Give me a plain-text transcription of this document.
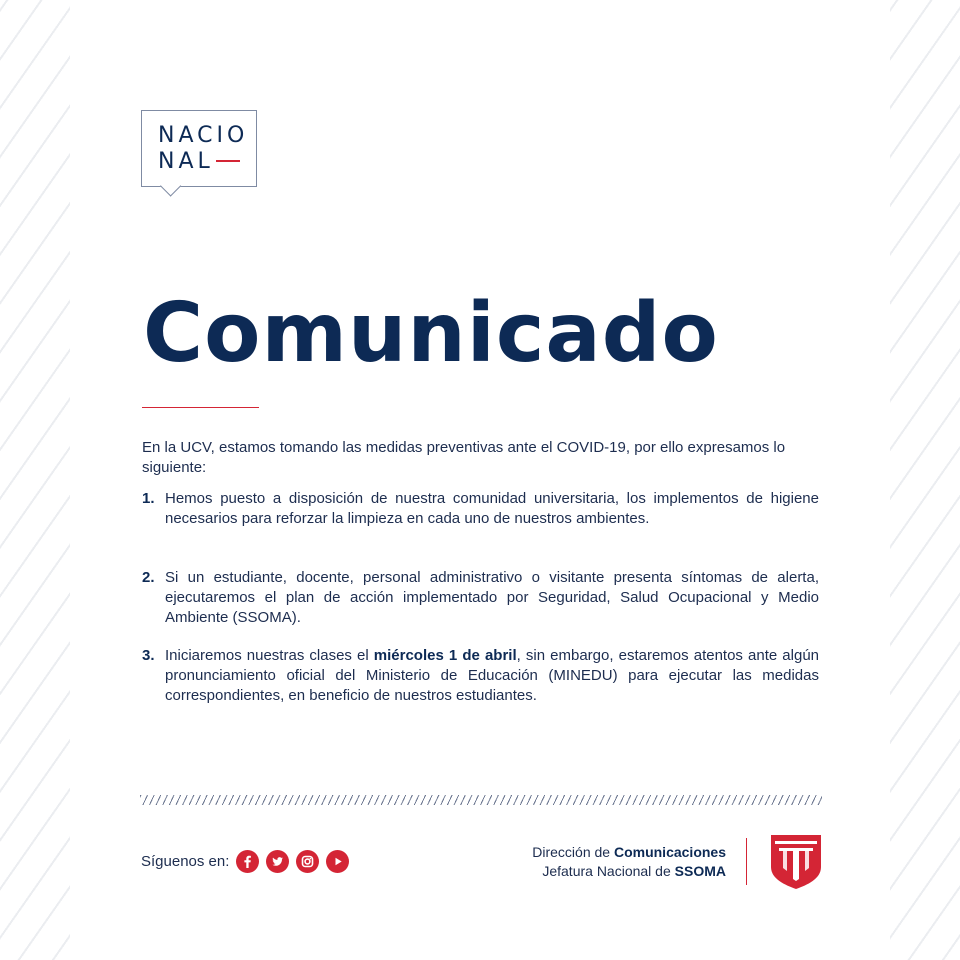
NACIO
NAL
Comunicado

En la UCV, estamos tomando las medidas preventivas ante el COVID-19, por ello expresamos lo siguiente:

1. Hemos puesto a disposición de nuestra comunidad universitaria, los implementos de higiene necesarios para reforzar la limpieza en cada uno de nuestros ambientes.
2. Si un estudiante, docente, personal administrativo o visitante presenta síntomas de alerta, ejecutaremos el plan de acción implementado por Seguridad, Salud Ocupacional y Medio Ambiente (SSOMA).
3. Iniciaremos nuestras clases el miércoles 1 de abril, sin embargo, estaremos atentos ante algún pronunciamiento oficial del Ministerio de Educación (MINEDU) para ejecutar las medidas correspondientes, en beneficio de nuestros estudiantes.
Síguenos en:
Dirección de Comunicaciones
Jefatura Nacional de SSOMA
